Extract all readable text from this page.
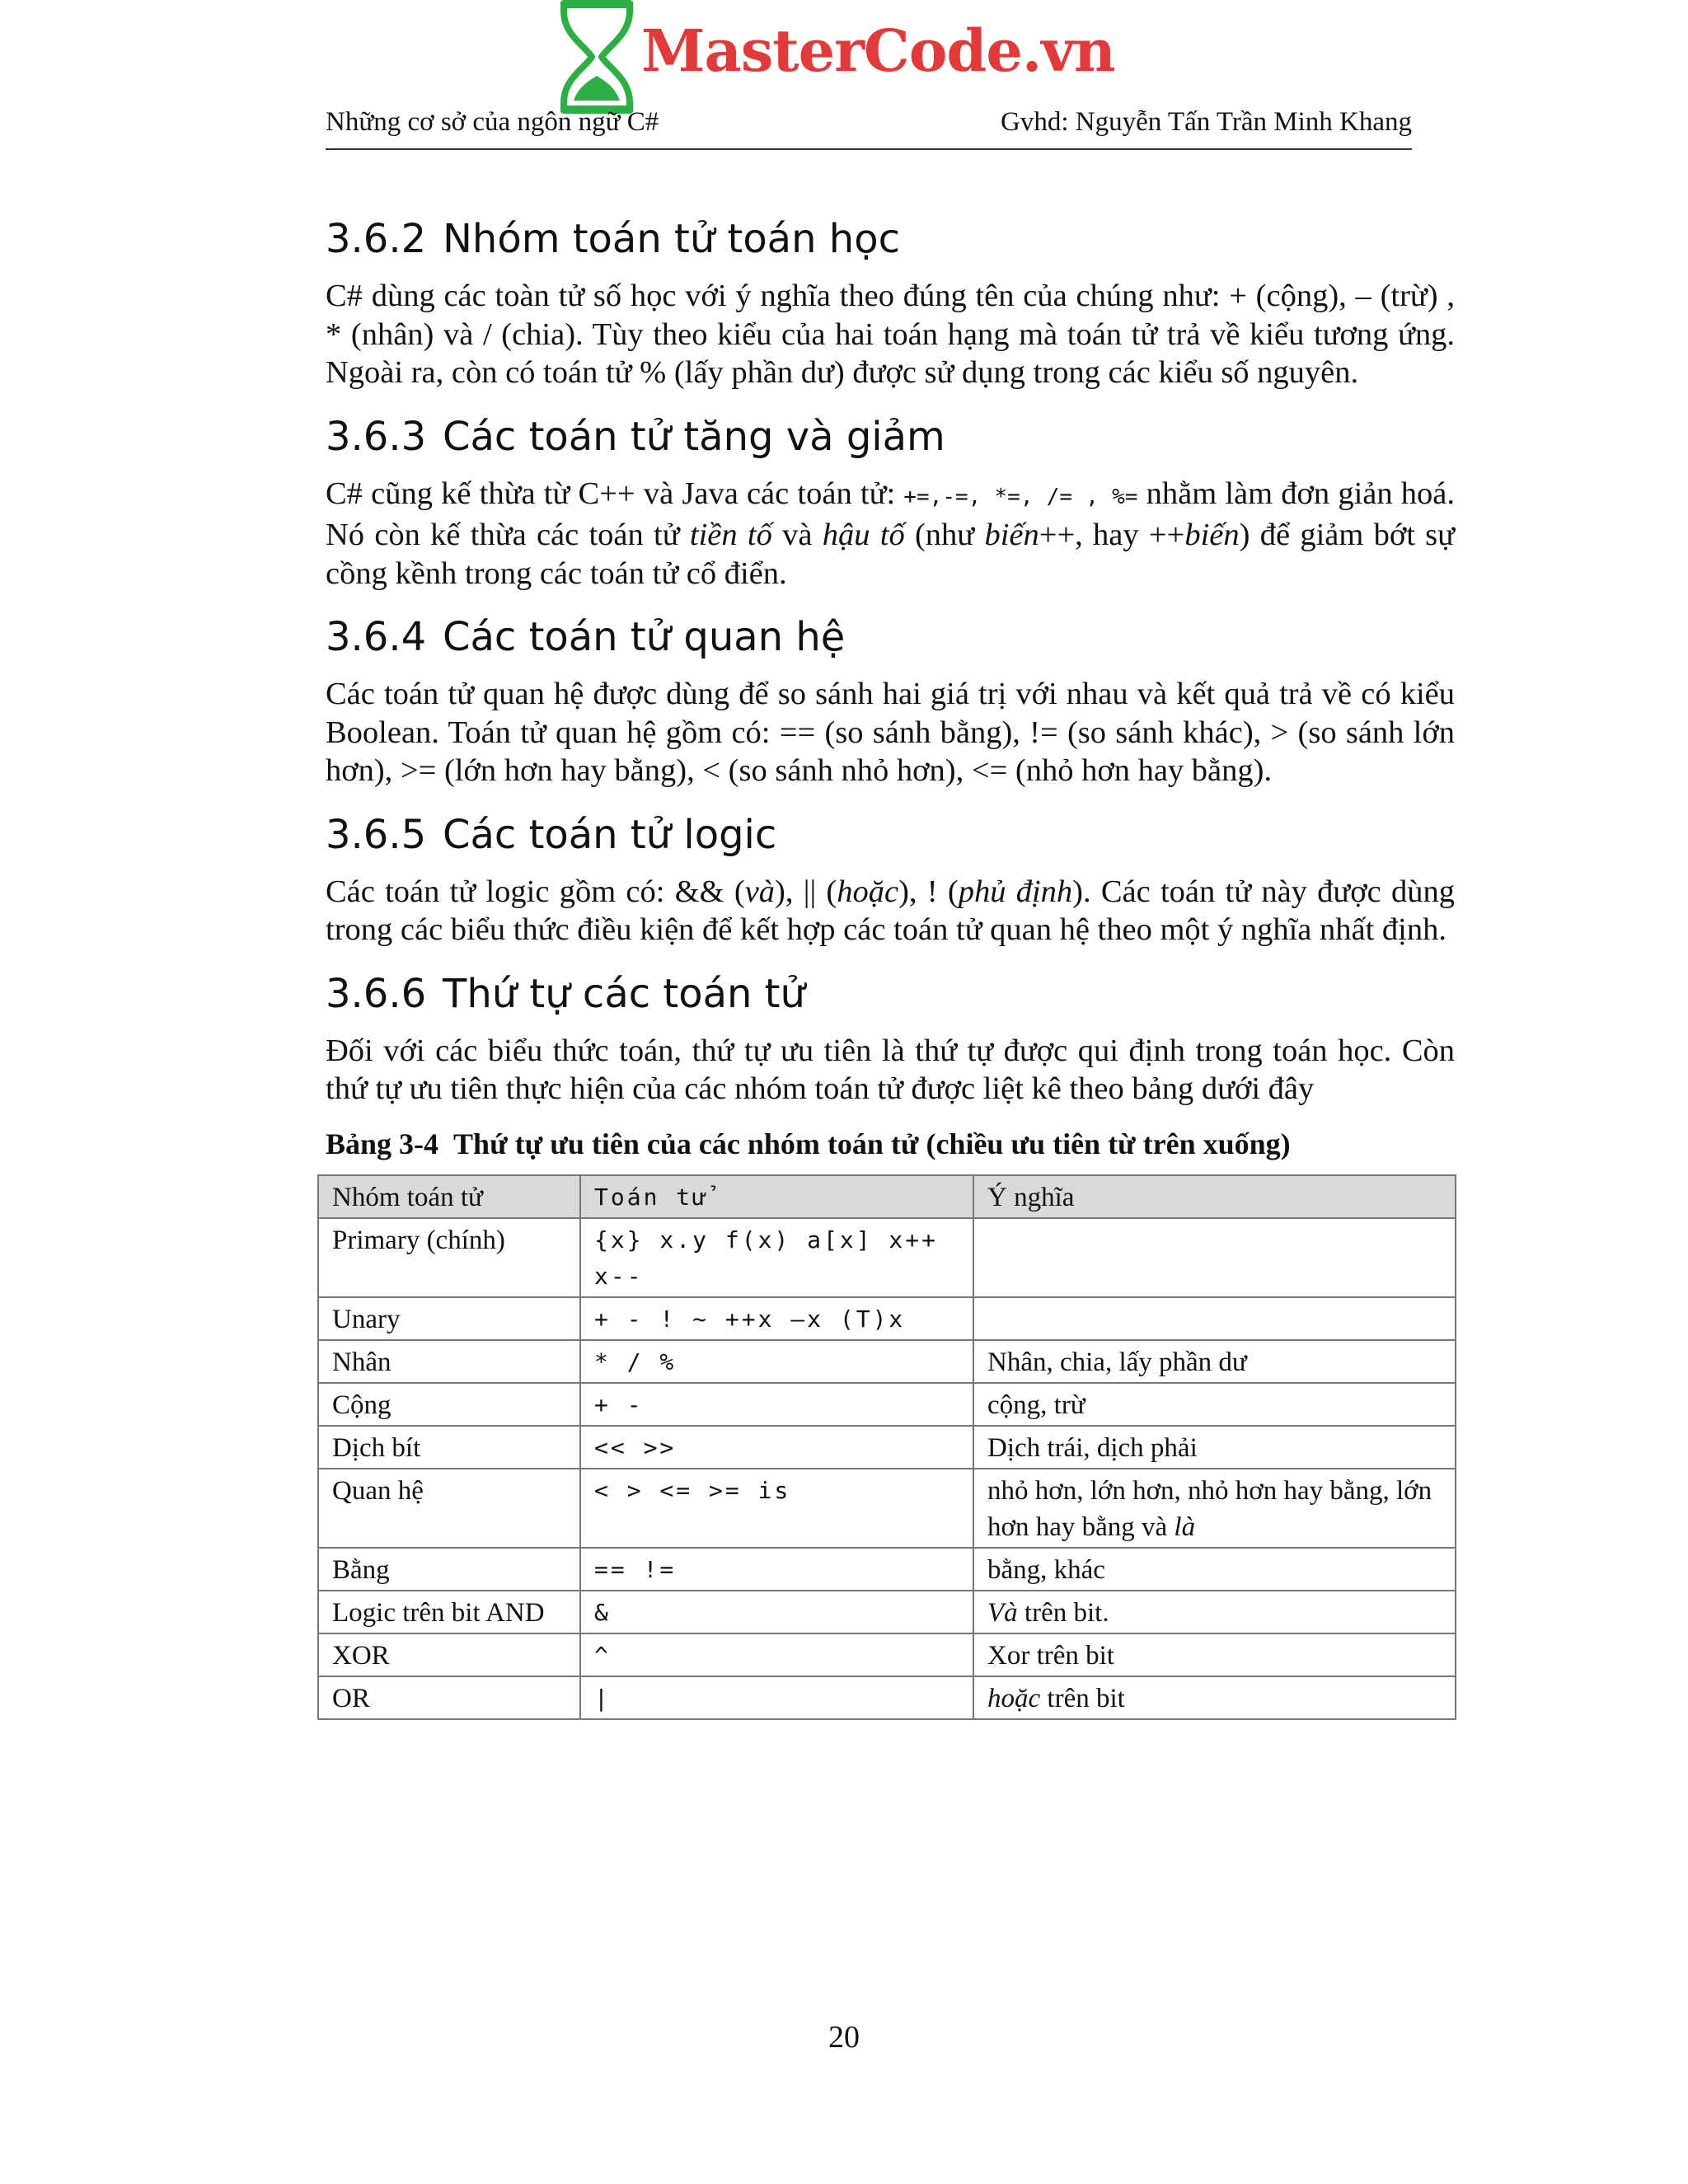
MasterCode.vn
Những cơ sở của ngôn ngữ C#	Gvhd: Nguyễn Tấn Trần Minh Khang
3.6.2 Nhóm toán tử toán học

C# dùng các toàn tử số học với ý nghĩa theo đúng tên của chúng như: + (cộng), – (trừ) , * (nhân) và / (chia). Tùy theo kiểu của hai toán hạng mà toán tử trả về kiểu tương ứng. Ngoài ra, còn có toán tử % (lấy phần dư) được sử dụng trong các kiểu số nguyên.

3.6.3 Các toán tử tăng và giảm

C# cũng kế thừa từ C++ và Java các toán tử: +=,-=, *=, /= , %= nhằm làm đơn giản hoá. Nó còn kế thừa các toán tử tiền tố và hậu tố (như biến++, hay ++biến) để giảm bớt sự cồng kềnh trong các toán tử cổ điển.

3.6.4 Các toán tử quan hệ

Các toán tử quan hệ được dùng để so sánh hai giá trị với nhau và kết quả trả về có kiểu Boolean. Toán tử quan hệ gồm có: == (so sánh bằng), != (so sánh khác), > (so sánh lớn hơn), >= (lớn hơn hay bằng), < (so sánh nhỏ hơn), <= (nhỏ hơn hay bằng).

3.6.5 Các toán tử logic

Các toán tử logic gồm có: && (và), || (hoặc), ! (phủ định). Các toán tử này được dùng trong các biểu thức điều kiện để kết hợp các toán tử quan hệ theo một ý nghĩa nhất định.

3.6.6 Thứ tự các toán tử

Đối với các biểu thức toán, thứ tự ưu tiên là thứ tự được qui định trong toán học. Còn thứ tự ưu tiên thực hiện của các nhóm toán tử được liệt kê theo bảng dưới đây

Bảng 3-4 Thứ tự ưu tiên của các nhóm toán tử (chiều ưu tiên từ trên xuống)
Nhóm toán tử	Toán tử	Ý nghĩa
Primary (chính)	{x} x.y f(x) a[x] x++ x--	
Unary	+ - ! ~ ++x –x (T)x	
Nhân	* / %	Nhân, chia, lấy phần dư
Cộng	+ -	cộng, trừ
Dịch bít	<< >>	Dịch trái, dịch phải
Quan hệ	< > <= >= is	nhỏ hơn, lớn hơn, nhỏ hơn hay bằng, lớn hơn hay bằng và là
Bằng	== !=	bằng, khác
Logic trên bit AND	&	Và trên bit.
XOR	^	Xor trên bit
OR	|	hoặc trên bit
20
